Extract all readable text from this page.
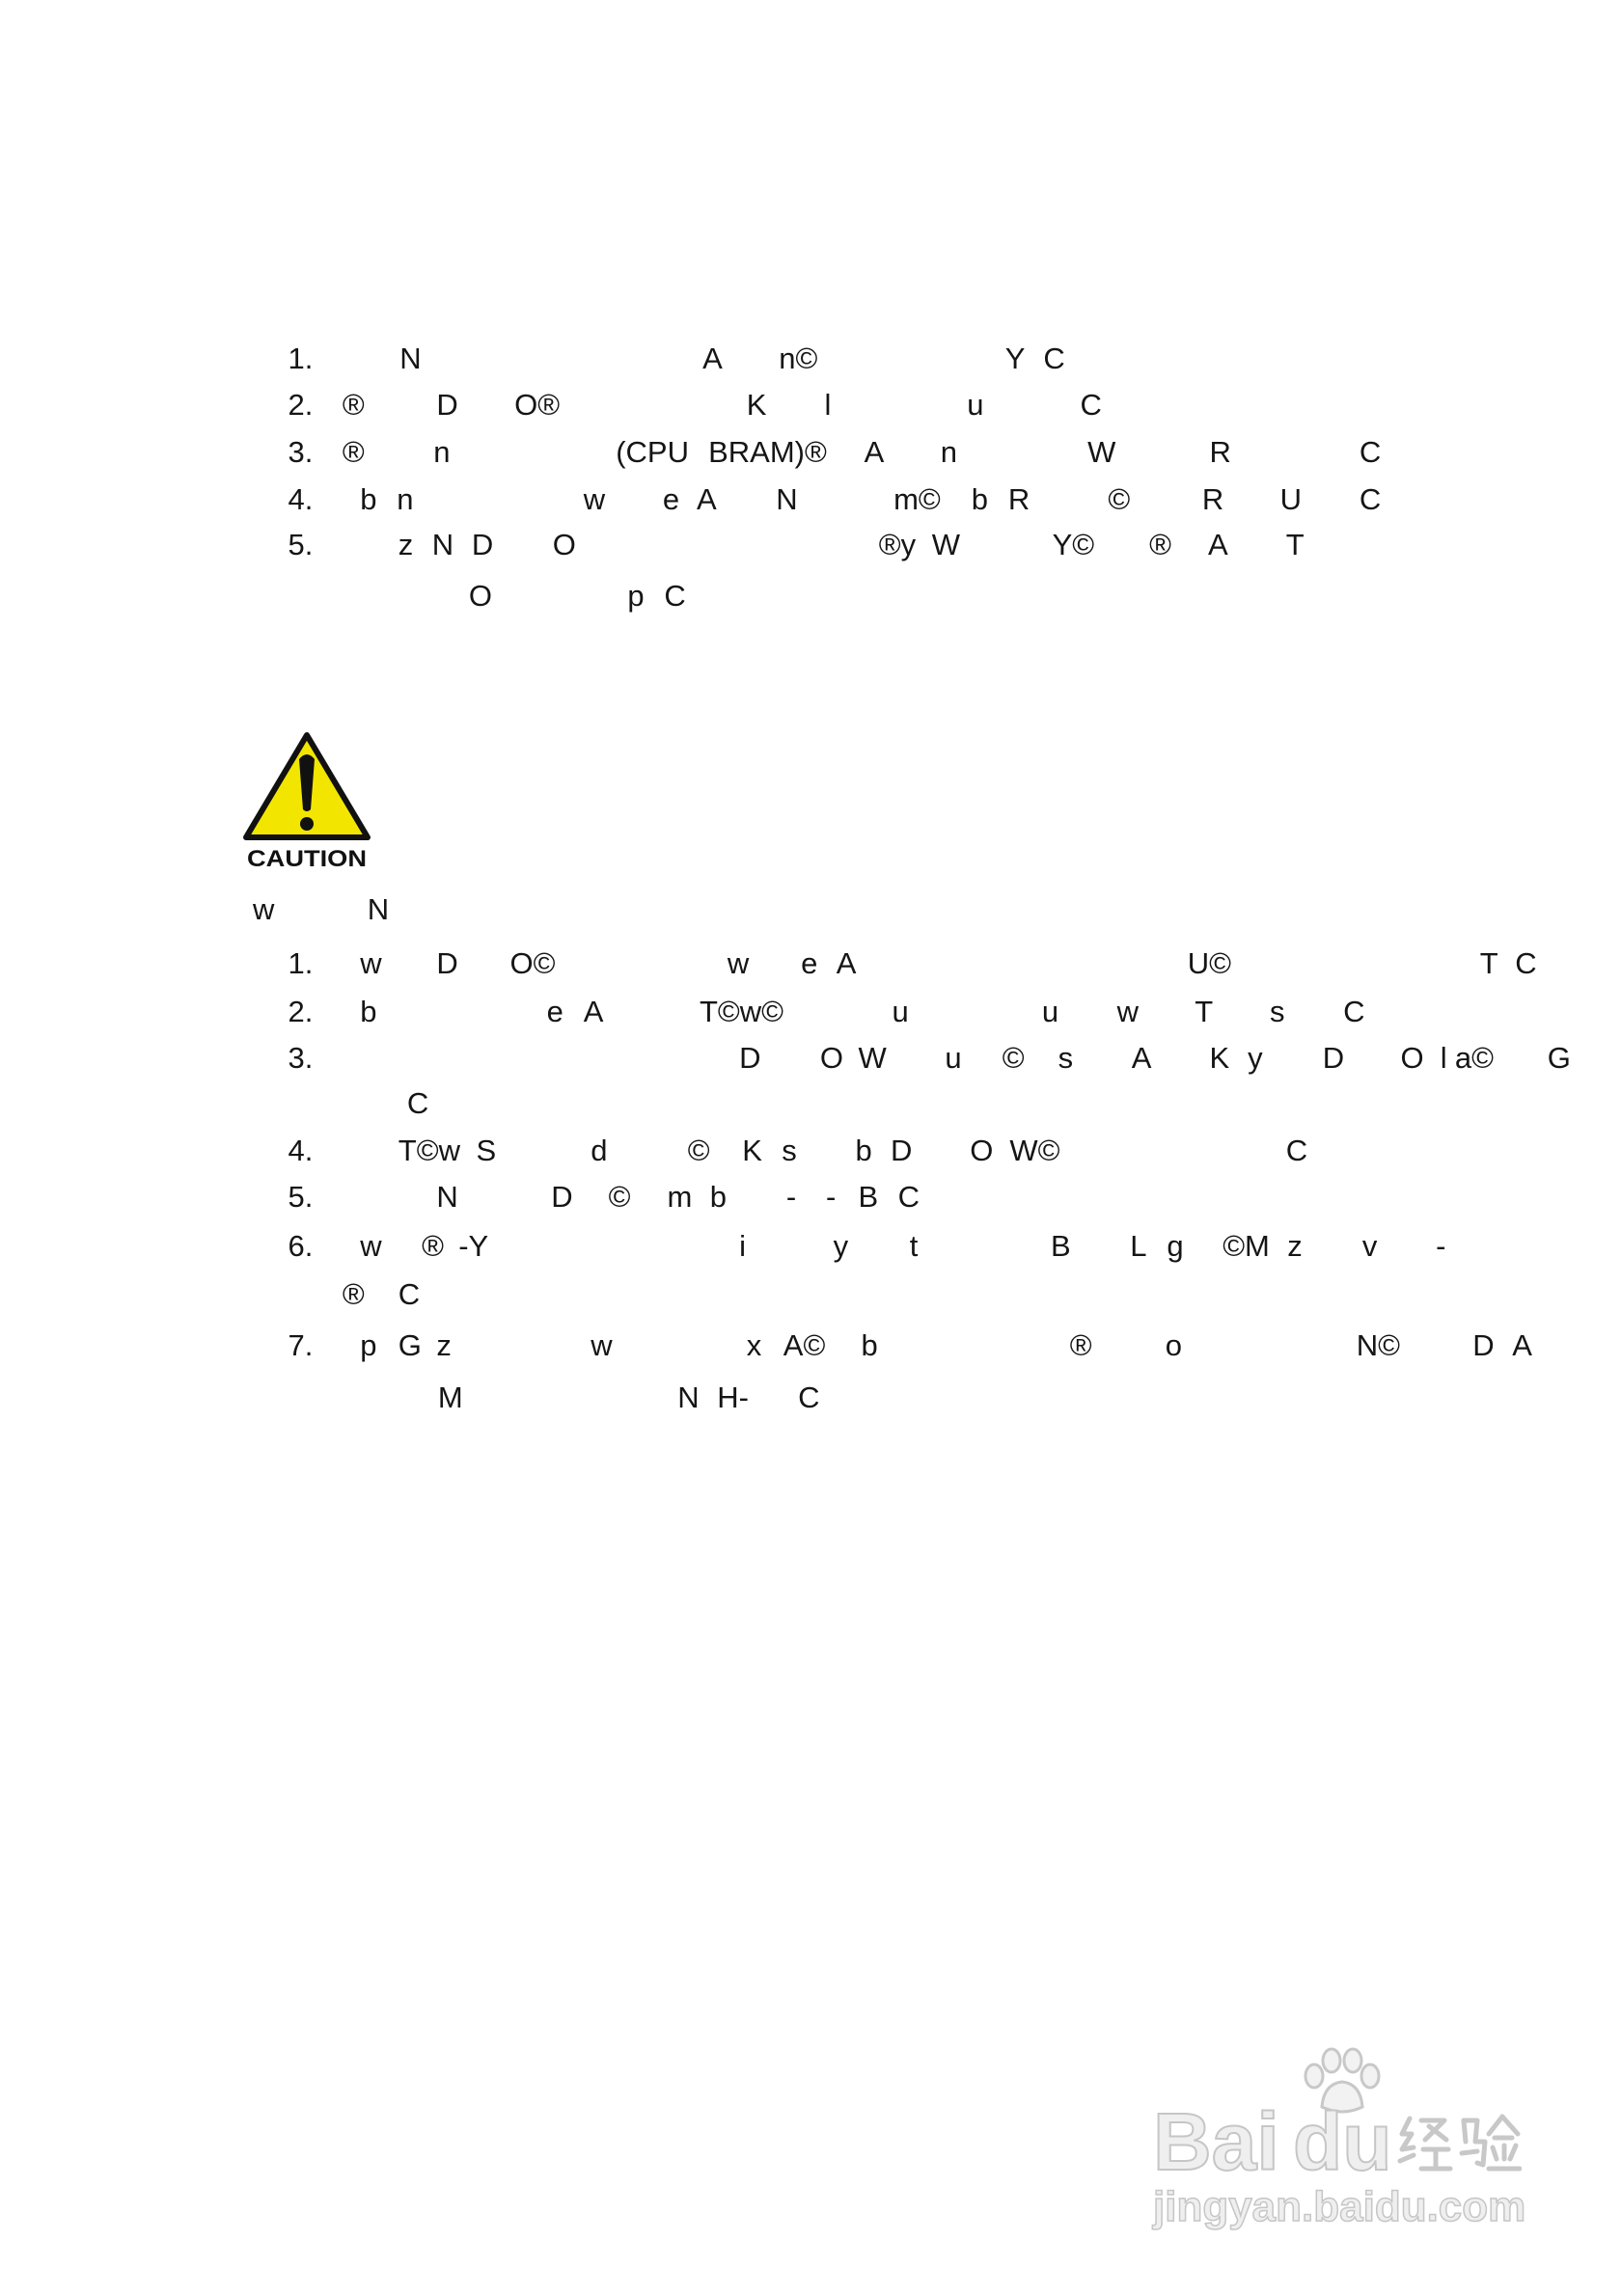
CAUTION
Bai du
jingyan.baidu.com
1.	N	A n©	Y C
2. ® D O®	K l	u	C
3. ® n	(CPU BRAM)® A n	W	R	C
4. b n	w e A N	m© b R	© R U C
5.	z N D O	®y W	Y© ® A T
O	p C
w	N
1. w D O©	w e A	U©	T C
2. b	e A	T©w©	u	u w T s C
3.	D O W u © s A K y D O l a© G
C
4.	T©w S	d	© K s b D O W©	C
5.	N	D © m b - - B C
6. w ® -Y	i	y t	B L g ©M z v -
® C
7. p G z	w	x A© b	® o	N© D A
M	N H- C
